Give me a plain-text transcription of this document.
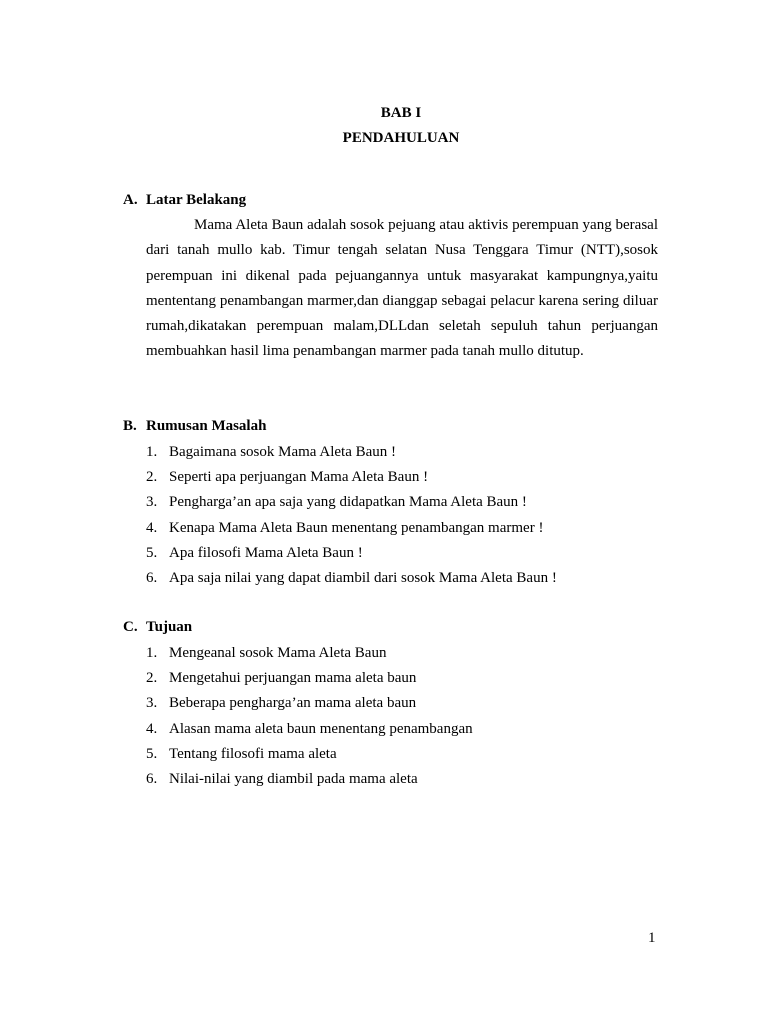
BAB I
PENDAHULUAN
A. Latar Belakang
Mama Aleta Baun adalah sosok pejuang atau aktivis perempuan yang berasal dari tanah mullo kab. Timur tengah selatan Nusa Tenggara Timur (NTT),sosok perempuan ini dikenal pada pejuangannya untuk masyarakat kampungnya,yaitu mententang penambangan marmer,dan dianggap sebagai pelacur karena sering diluar rumah,dikatakan perempuan malam,DLLdan seletah sepuluh tahun perjuangan membuahkan hasil lima penambangan marmer pada tanah mullo ditutup.
B. Rumusan Masalah
1. Bagaimana sosok Mama Aleta Baun !
2. Seperti apa perjuangan Mama Aleta Baun !
3. Pengharga’an apa saja yang didapatkan Mama Aleta Baun !
4. Kenapa Mama Aleta Baun menentang penambangan marmer !
5. Apa filosofi Mama Aleta Baun !
6. Apa saja nilai yang dapat diambil dari sosok Mama Aleta Baun !
C. Tujuan
1. Mengeanal sosok Mama Aleta Baun
2. Mengetahui perjuangan mama aleta baun
3. Beberapa pengharga’an mama aleta baun
4. Alasan mama aleta baun menentang penambangan
5. Tentang filosofi mama aleta
6. Nilai-nilai yang diambil pada mama aleta
1
